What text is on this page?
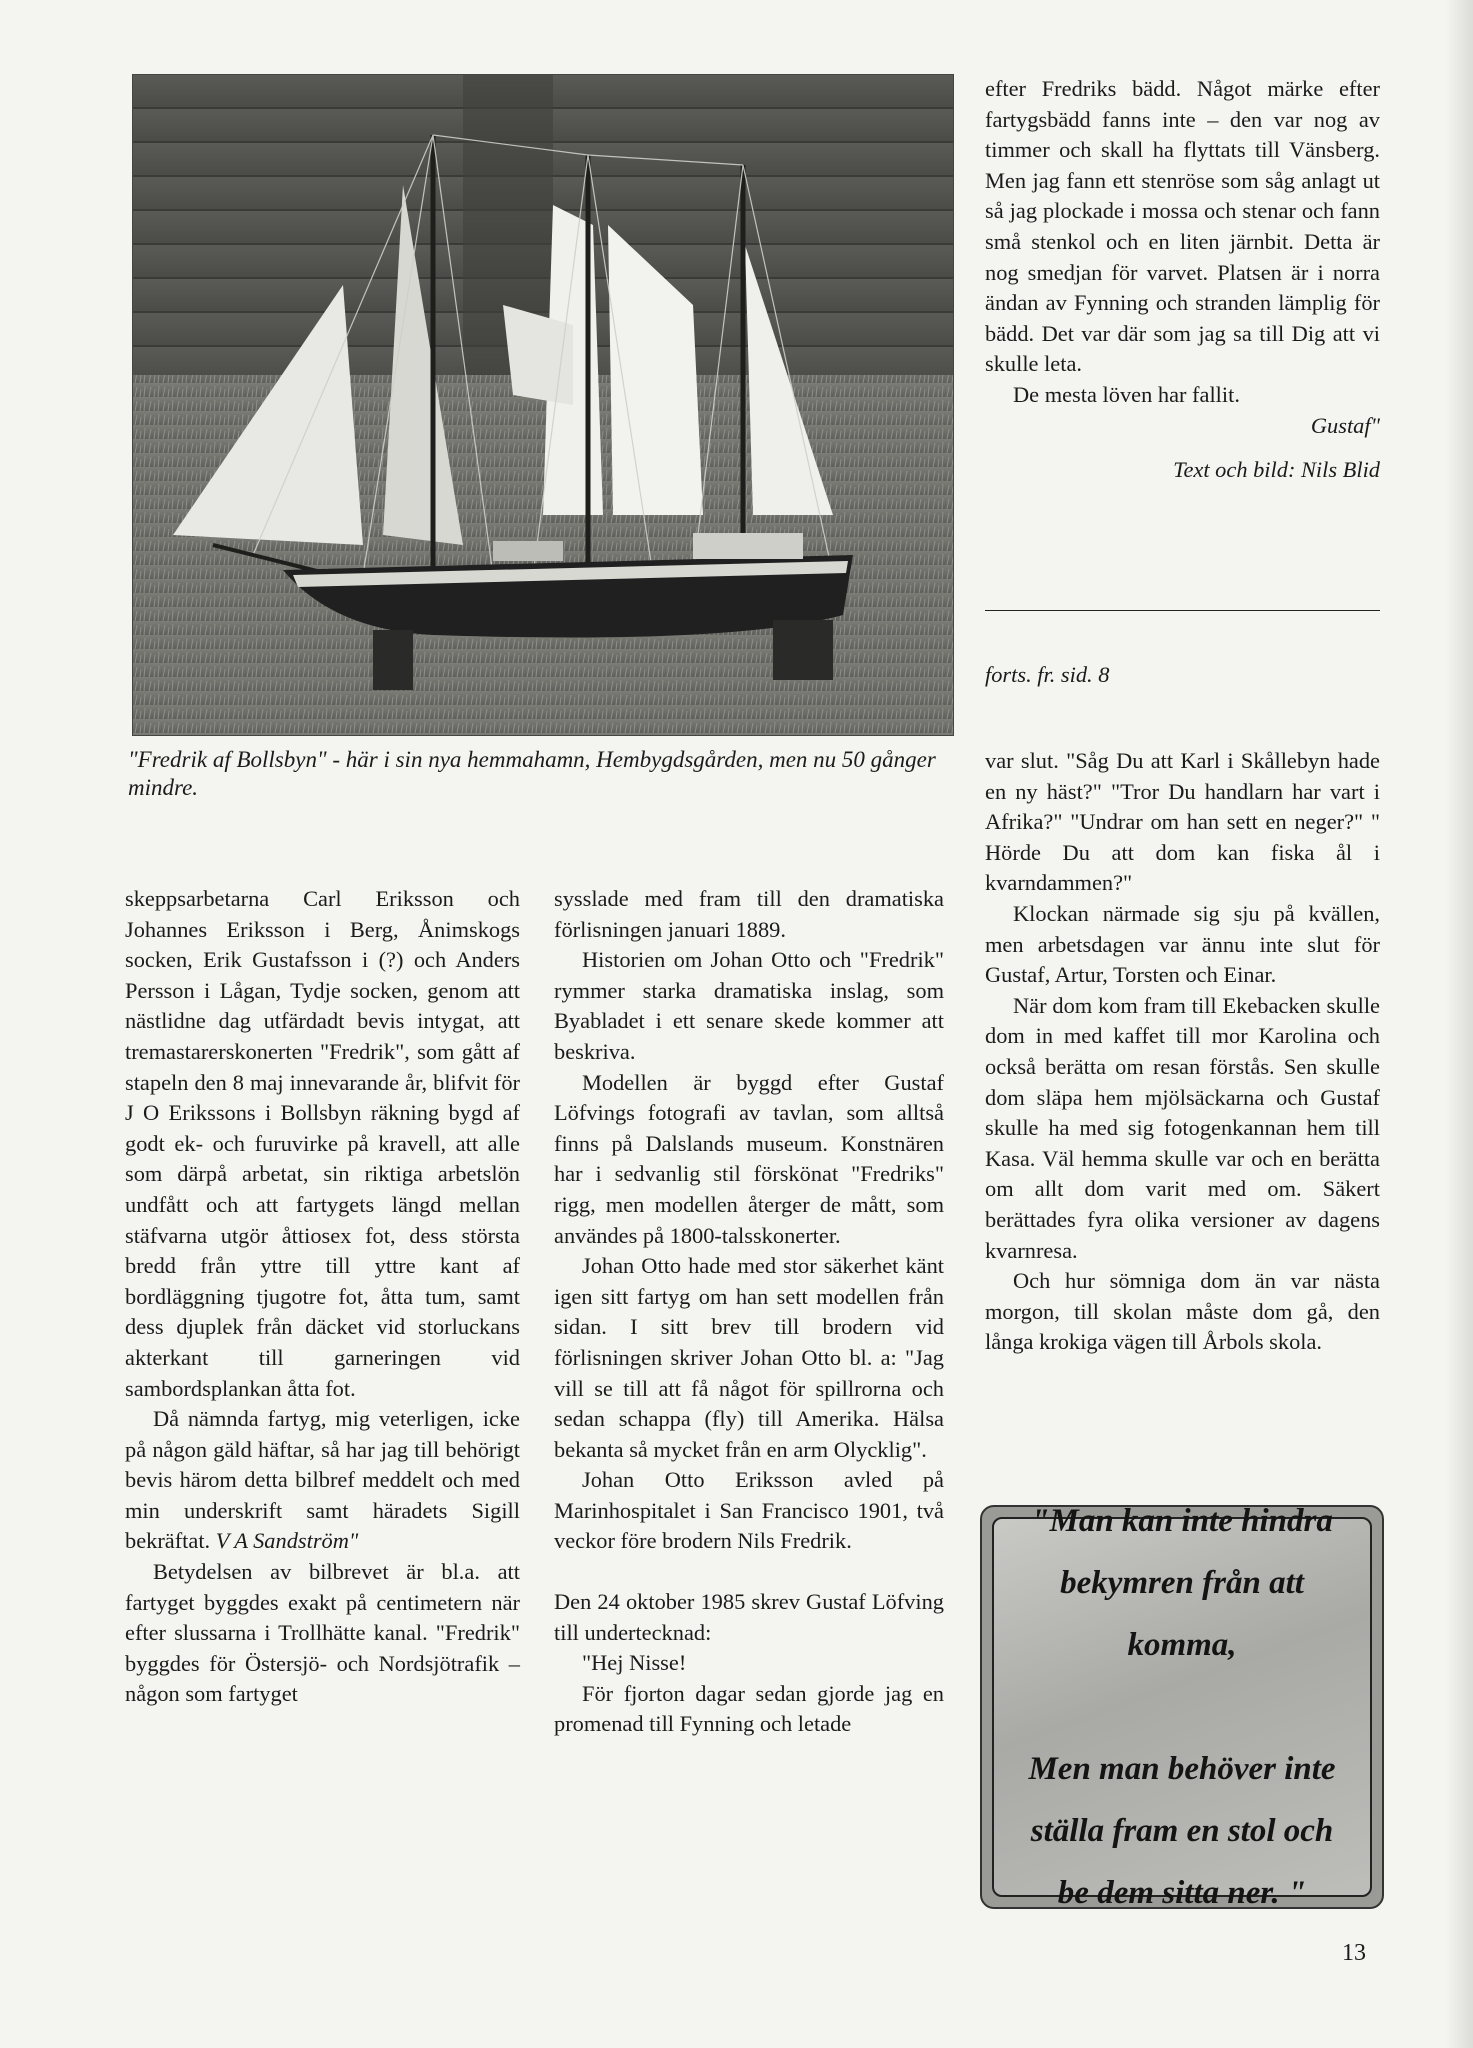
"Fredrik af Bollsbyn" - här i sin nya hemmahamn, Hembygdsgården, men nu 50 gånger mindre.

skeppsarbetarna Carl Eriksson och Johannes Eriksson i Berg, Ånimskogs socken, Erik Gustafsson i (?) och Anders Persson i Lågan, Tydje socken, genom att nästlidne dag utfärdadt bevis intygat, att tremastarerskonerten "Fredrik", som gått af stapeln den 8 maj innevarande år, blifvit för J O Erikssons i Bollsbyn räkning bygd af godt ek- och furuvirke på kravell, att alle som därpå arbetat, sin riktiga arbetslön undfått och att fartygets längd mellan stäfvarna utgör åttiosex fot, dess största bredd från yttre till yttre kant af bordläggning tjugotre fot, åtta tum, samt dess djuplek från däcket vid storluckans akterkant till garneringen vid sambordsplankan åtta fot.

Då nämnda fartyg, mig veterligen, icke på någon gäld häftar, så har jag till behörigt bevis härom detta bilbref meddelt och med min underskrift samt häradets Sigill bekräftat. V A Sandström"

Betydelsen av bilbrevet är bl.a. att fartyget byggdes exakt på centimetern när efter slussarna i Trollhätte kanal. "Fredrik" byggdes för Östersjö- och Nordsjötrafik – någon som fartyget

sysslade med fram till den dramatiska förlisningen januari 1889.

Historien om Johan Otto och "Fredrik" rymmer starka dramatiska inslag, som Byabladet i ett senare skede kommer att beskriva.

Modellen är byggd efter Gustaf Löfvings fotografi av tavlan, som alltså finns på Dalslands museum. Konstnären har i sedvanlig stil förskönat "Fredriks" rigg, men modellen återger de mått, som användes på 1800-talsskonerter.

Johan Otto hade med stor säkerhet känt igen sitt fartyg om han sett modellen från sidan. I sitt brev till brodern vid förlisningen skriver Johan Otto bl. a: "Jag vill se till att få något för spillrorna och sedan schappa (fly) till Amerika. Hälsa bekanta så mycket från en arm Olycklig".

Johan Otto Eriksson avled på Marinhospitalet i San Francisco 1901, två veckor före brodern Nils Fredrik.

Den 24 oktober 1985 skrev Gustaf Löfving till undertecknad:

"Hej Nisse!

För fjorton dagar sedan gjorde jag en promenad till Fynning och letade

efter Fredriks bädd. Något märke efter fartygsbädd fanns inte – den var nog av timmer och skall ha flyttats till Vänsberg. Men jag fann ett stenröse som såg anlagt ut så jag plockade i mossa och stenar och fann små stenkol och en liten järnbit. Detta är nog smedjan för varvet. Platsen är i norra ändan av Fynning och stranden lämplig för bädd. Det var där som jag sa till Dig att vi skulle leta.

De mesta löven har fallit.

Gustaf"

Text och bild: Nils Blid

forts. fr. sid. 8

var slut. "Såg Du att Karl i Skållebyn hade en ny häst?" "Tror Du handlarn har vart i Afrika?" "Undrar om han sett en neger?" " Hörde Du att dom kan fiska ål i kvarndammen?"

Klockan närmade sig sju på kvällen, men arbetsdagen var ännu inte slut för Gustaf, Artur, Torsten och Einar.

När dom kom fram till Ekebacken skulle dom in med kaffet till mor Karolina och också berätta om resan förstås. Sen skulle dom släpa hem mjölsäckarna och Gustaf skulle ha med sig fotogenkannan hem till Kasa. Väl hemma skulle var och en berätta om allt dom varit med om. Säkert berättades fyra olika versioner av dagens kvarnresa.

Och hur sömniga dom än var nästa morgon, till skolan måste dom gå, den långa krokiga vägen till Årbols skola.

"Man kan inte hindra
bekymren från att
komma,

Men man behöver inte
ställa fram en stol och
be dem sitta ner. "
13
